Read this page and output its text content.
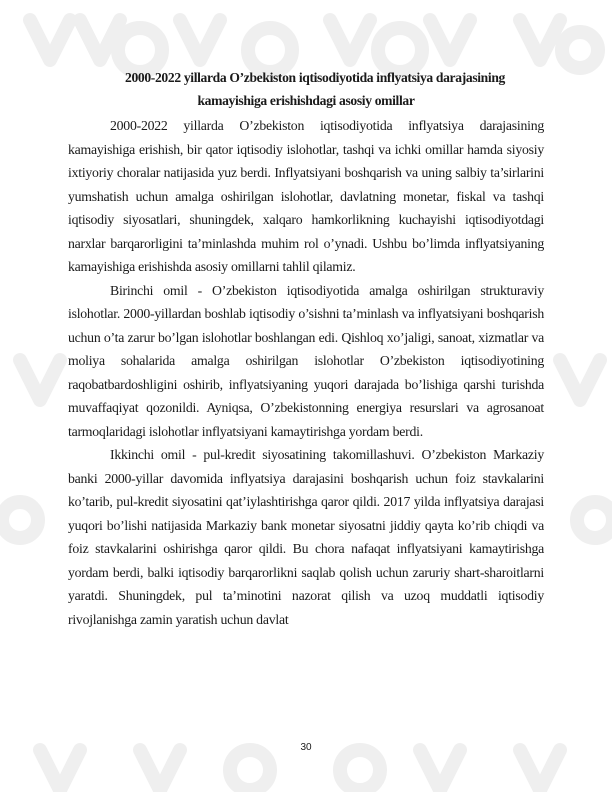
2000-2022 yillarda O’zbekiston iqtisodiyotida inflyatsiya darajasining
kamayishiga erishishdagi asosiy omillar

2000-2022 yillarda O’zbekiston iqtisodiyotida inflyatsiya darajasining kamayishiga erishish, bir qator iqtisodiy islohotlar, tashqi va ichki omillar hamda siyosiy ixtiyoriy choralar natijasida yuz berdi. Inflyatsiyani boshqarish va uning salbiy ta’sirlarini yumshatish uchun amalga oshirilgan islohotlar, davlatning monetar, fiskal va tashqi iqtisodiy siyosatlari, shuningdek, xalqaro hamkorlikning kuchayishi iqtisodiyotdagi narxlar barqarorligini ta’minlashda muhim rol o’ynadi. Ushbu bo’limda inflyatsiyaning kamayishiga erishishda asosiy omillarni tahlil qilamiz.

Birinchi omil - O’zbekiston iqtisodiyotida amalga oshirilgan strukturaviy islohotlar. 2000-yillardan boshlab iqtisodiy o’sishni ta’minlash va inflyatsiyani boshqarish uchun o’ta zarur bo’lgan islohotlar boshlangan edi. Qishloq xo’jaligi, sanoat, xizmatlar va moliya sohalarida amalga oshirilgan islohotlar O’zbekiston iqtisodiyotining raqobatbardoshligini oshirib, inflyatsiyaning yuqori darajada bo’lishiga qarshi turishda muvaffaqiyat qozonildi. Ayniqsa, O’zbekistonning energiya resurslari va agrosanoat tarmoqlaridagi islohotlar inflyatsiyani kamaytirishga yordam berdi.

Ikkinchi omil - pul-kredit siyosatining takomillashuvi. O’zbekiston Markaziy banki 2000-yillar davomida inflyatsiya darajasini boshqarish uchun foiz stavkalarini ko’tarib, pul-kredit siyosatini qat’iylashtirishga qaror qildi. 2017 yilda inflyatsiya darajasi yuqori bo’lishi natijasida Markaziy bank monetar siyosatni jiddiy qayta ko’rib chiqdi va foiz stavkalarini oshirishga qaror qildi. Bu chora nafaqat inflyatsiyani kamaytirishga yordam berdi, balki iqtisodiy barqarorlikni saqlab qolish uchun zaruriy shart-sharoitlarni yaratdi. Shuningdek, pul ta’minotini nazorat qilish va uzoq muddatli iqtisodiy rivojlanishga zamin yaratish uchun davlat

30
